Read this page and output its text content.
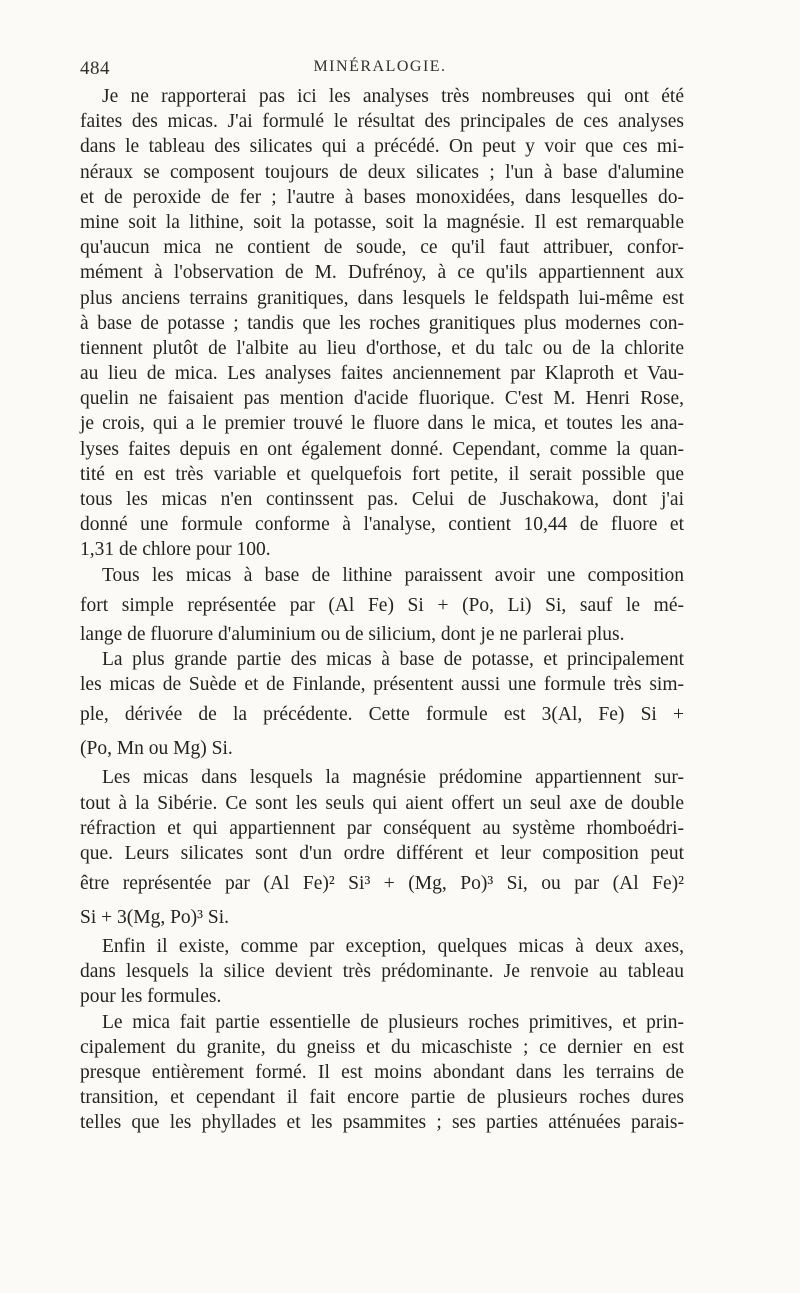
484	MINÉRALOGIE.
Je ne rapporterai pas ici les analyses très nombreuses qui ont été
faites des micas. J'ai formulé le résultat des principales de ces analyses
dans le tableau des silicates qui a précédé. On peut y voir que ces mi-
néraux se composent toujours de deux silicates ; l'un à base d'alumine
et de peroxide de fer ; l'autre à bases monoxidées, dans lesquelles do-
mine soit la lithine, soit la potasse, soit la magnésie. Il est remarquable
qu'aucun mica ne contient de soude, ce qu'il faut attribuer, confor-
mément à l'observation de M. Dufrénoy, à ce qu'ils appartiennent aux
plus anciens terrains granitiques, dans lesquels le feldspath lui-même est
à base de potasse ; tandis que les roches granitiques plus modernes con-
tiennent plutôt de l'albite au lieu d'orthose, et du talc ou de la chlorite
au lieu de mica. Les analyses faites anciennement par Klaproth et Vau-
quelin ne faisaient pas mention d'acide fluorique. C'est M. Henri Rose,
je crois, qui a le premier trouvé le fluore dans le mica, et toutes les ana-
lyses faites depuis en ont également donné. Cependant, comme la quan-
tité en est très variable et quelquefois fort petite, il serait possible que
tous les micas n'en continssent pas. Celui de Juschakowa, dont j'ai
donné une formule conforme à l'analyse, contient 10,44 de fluore et
1,31 de chlore pour 100.
Tous les micas à base de lithine paraissent avoir une composition
fort simple représentée par (Al Fe) Si + (Po, Li) Si, sauf le mé-
lange de fluorure d'aluminium ou de silicium, dont je ne parlerai plus.
La plus grande partie des micas à base de potasse, et principalement
les micas de Suède et de Finlande, présentent aussi une formule très sim-
ple, dérivée de la précédente. Cette formule est 3(Al, Fe) Si +
(Po, Mn ou Mg) Si.
Les micas dans lesquels la magnésie prédomine appartiennent sur-
tout à la Sibérie. Ce sont les seuls qui aient offert un seul axe de double
réfraction et qui appartiennent par conséquent au système rhomboédri-
que. Leurs silicates sont d'un ordre différent et leur composition peut
être représentée par (Al Fe)² Si³ + (Mg, Po)³ Si, ou par (Al Fe)²
Si + 3(Mg, Po)³ Si.
Enfin il existe, comme par exception, quelques micas à deux axes,
dans lesquels la silice devient très prédominante. Je renvoie au tableau
pour les formules.
Le mica fait partie essentielle de plusieurs roches primitives, et prin-
cipalement du granite, du gneiss et du micaschiste ; ce dernier en est
presque entièrement formé. Il est moins abondant dans les terrains de
transition, et cependant il fait encore partie de plusieurs roches dures
telles que les phyllades et les psammites ; ses parties atténuées parais-
